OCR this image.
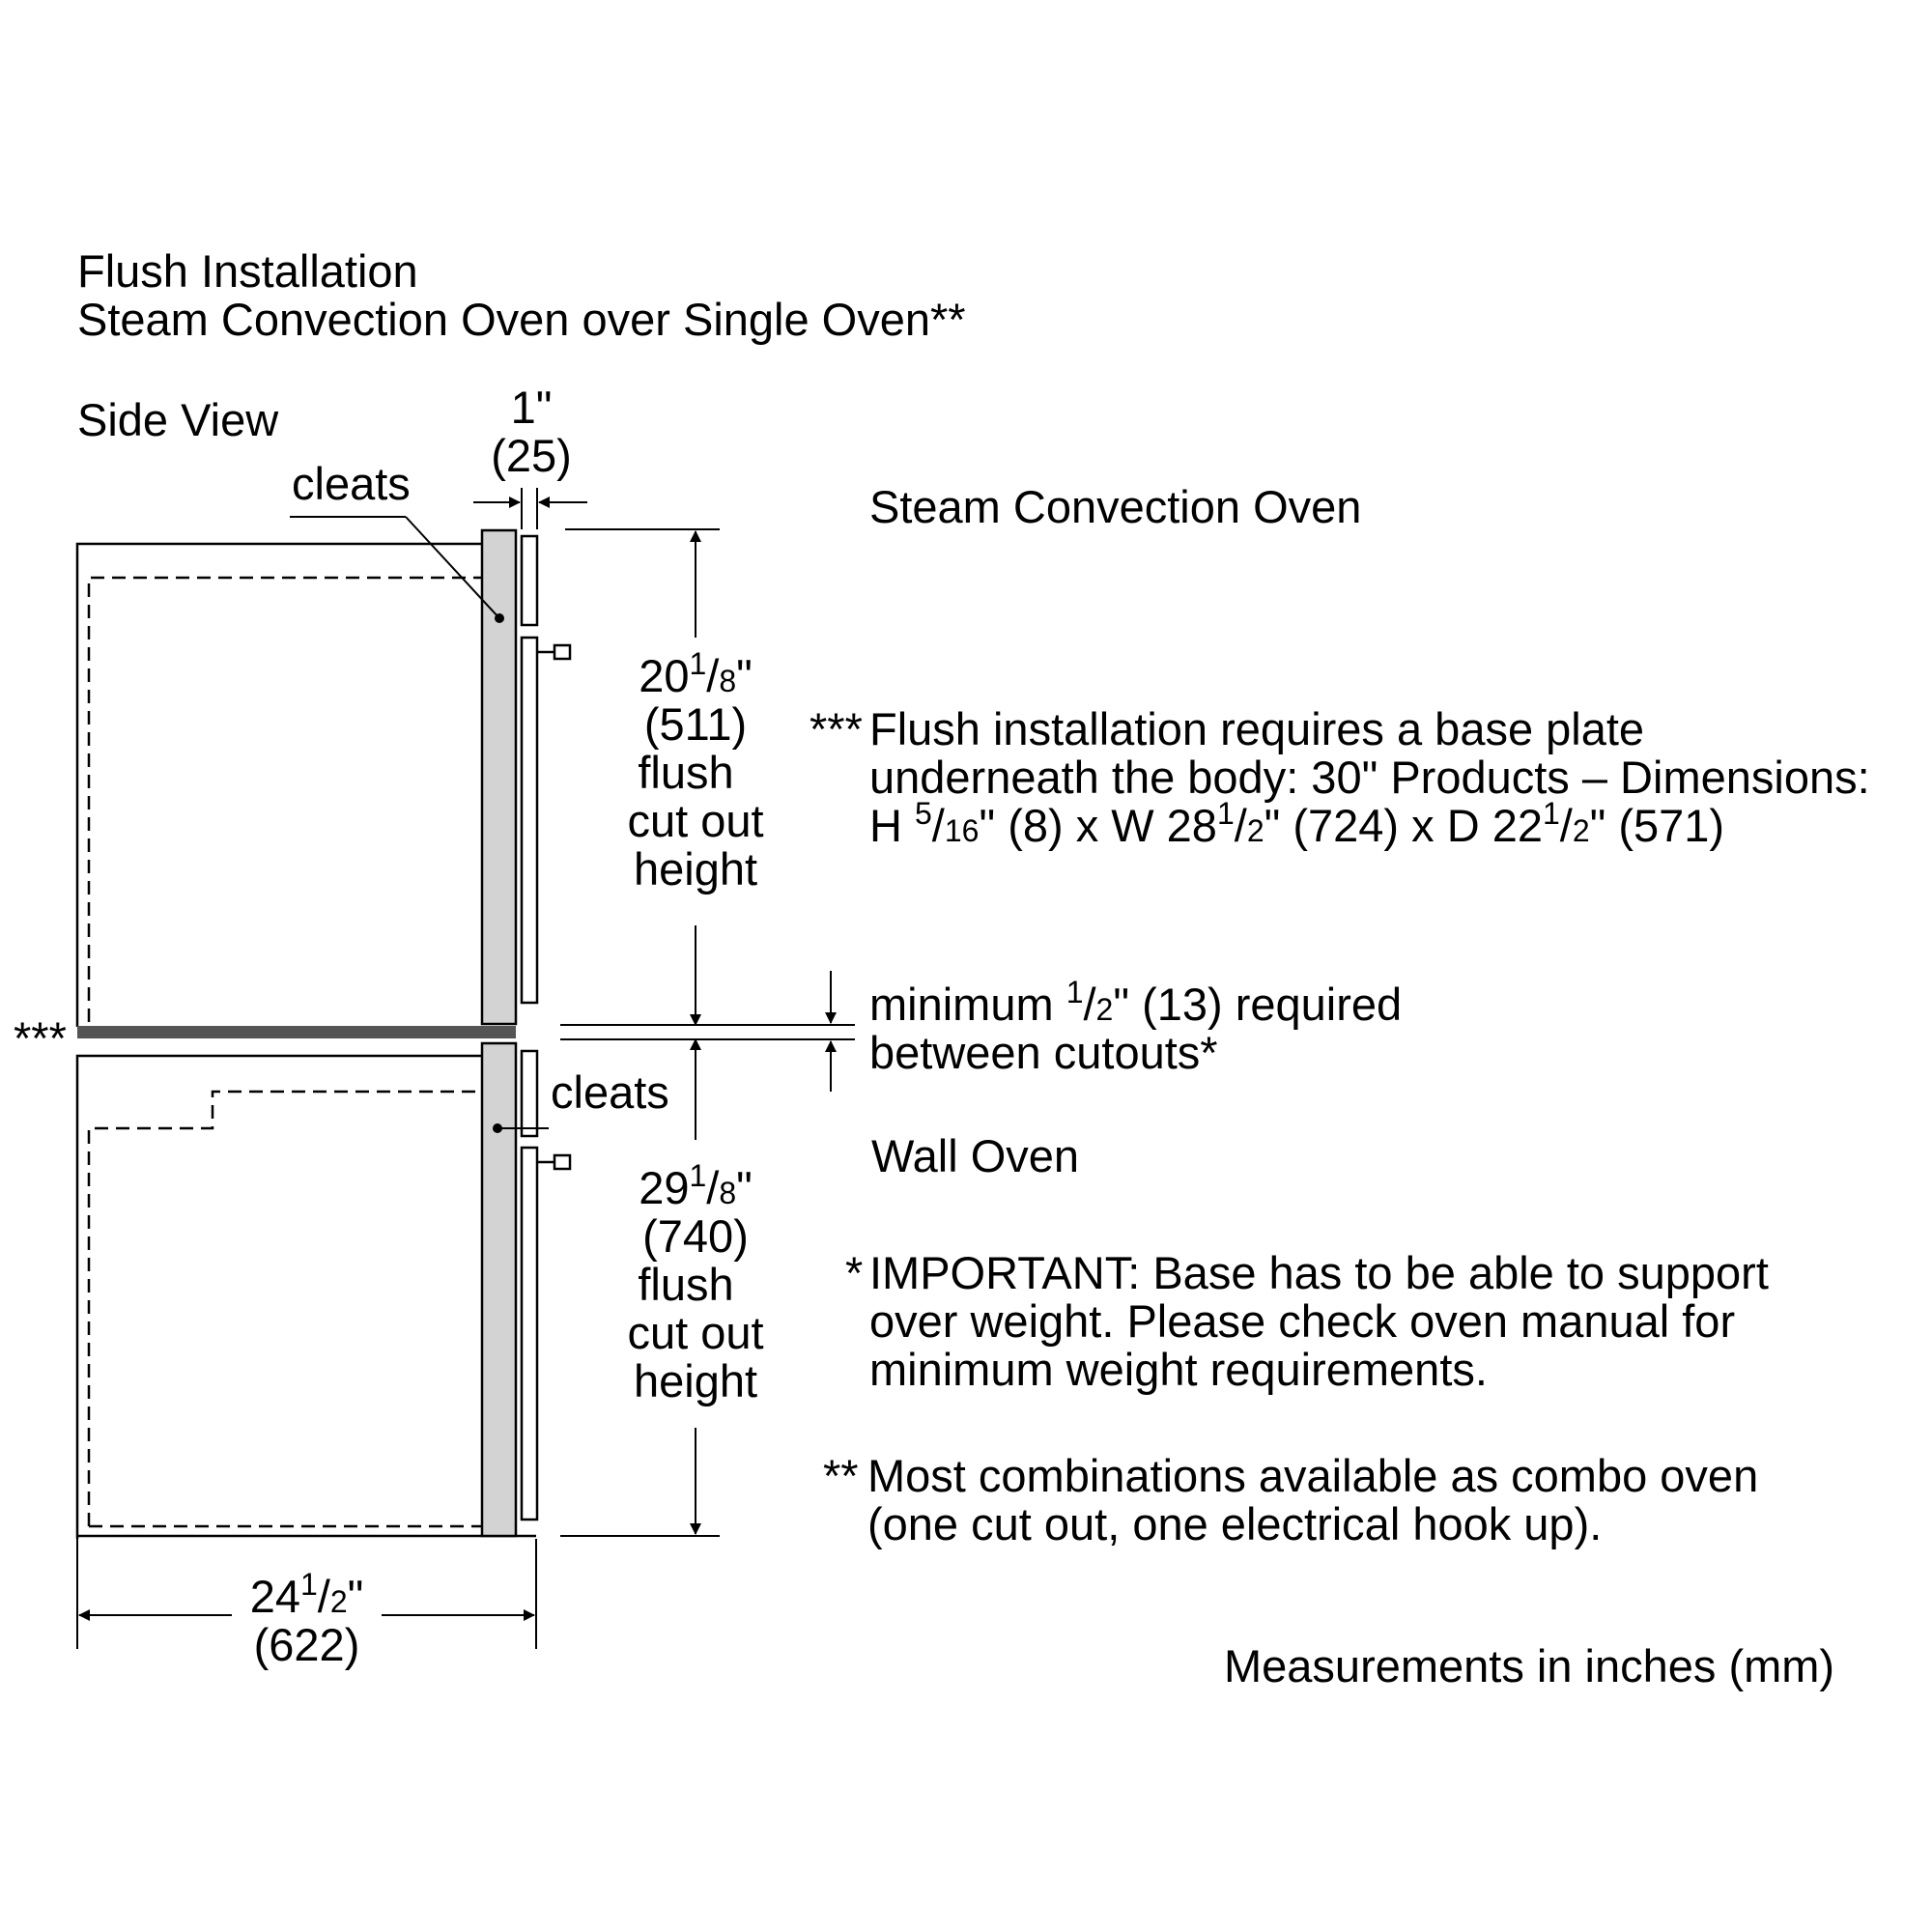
Flush Installation
Steam Convection Oven over Single Oven**
Side View
cleats
cleats
1"
(25)
Steam Convection Oven
Wall Oven
***
$20^1/8$"
(511)
flush
cut out
height
$29^1/8$"
(740)
flush
cut out
height
$24^1/2$"
(622)
*** Flush installation requires a base plate
underneath the body: 30" Products – Dimensions:
H $^5$/16" (8) x W $28^1/2$" (724) x D $22^1/2$" (571)
minimum $^1$/2" (13) required
between cutouts*
* IMPORTANT: Base has to be able to support
over weight. Please check oven manual for
minimum weight requirements.
** Most combinations available as combo oven
(one cut out, one electrical hook up).
Measurements in inches (mm)
